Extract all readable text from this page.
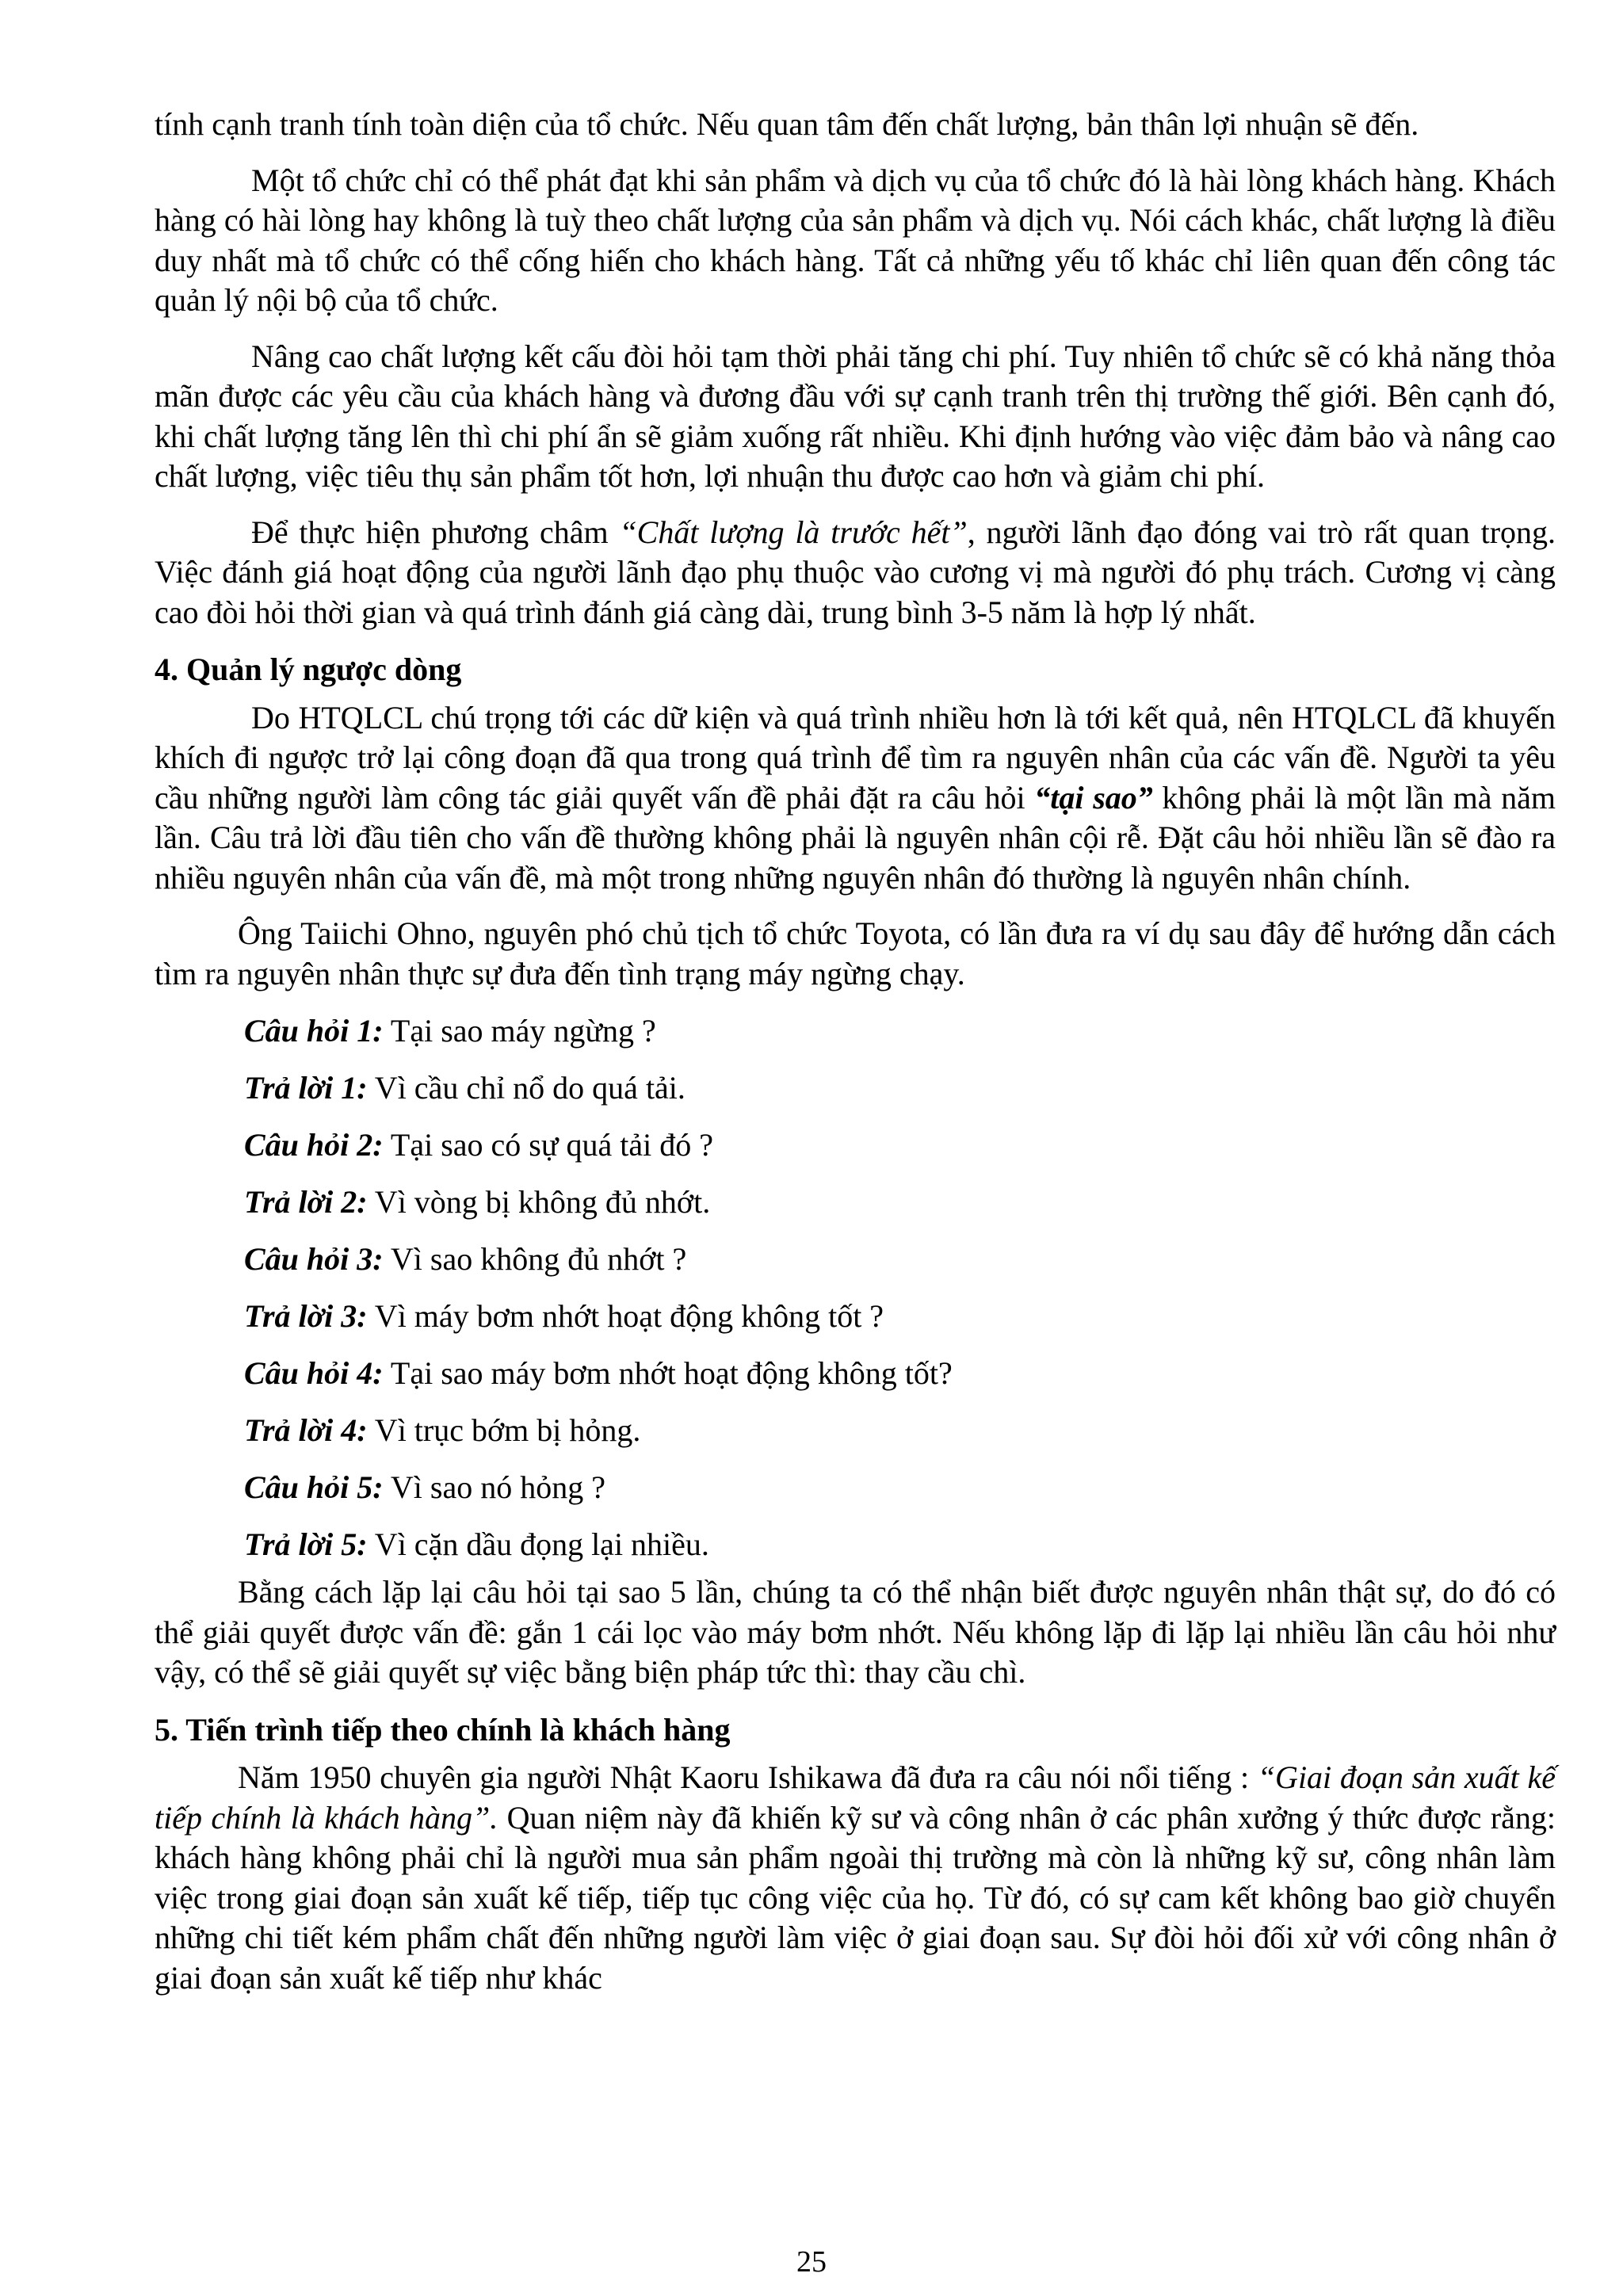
tính cạnh tranh tính toàn diện của tổ chức. Nếu quan tâm đến chất lượng, bản thân lợi nhuận sẽ đến.

Một tổ chức chỉ có thể phát đạt khi sản phẩm và dịch vụ của tổ chức đó là hài lòng khách hàng. Khách hàng có hài lòng hay không là tuỳ theo chất lượng của sản phẩm và dịch vụ. Nói cách khác, chất lượng là điều duy nhất mà tổ chức có thể cống hiến cho khách hàng. Tất cả những yếu tố khác chỉ liên quan đến công tác quản lý nội bộ của tổ chức.

Nâng cao chất lượng kết cấu đòi hỏi tạm thời phải tăng chi phí. Tuy nhiên tổ chức sẽ có khả năng thỏa mãn được các yêu cầu của khách hàng và đương đầu với sự cạnh tranh trên thị trường thế giới. Bên cạnh đó, khi chất lượng tăng lên thì chi phí ẩn sẽ giảm xuống rất nhiều. Khi định hướng vào việc đảm bảo và nâng cao chất lượng, việc tiêu thụ sản phẩm tốt hơn, lợi nhuận thu được cao hơn và giảm chi phí.

Để thực hiện phương châm “Chất lượng là trước hết”, người lãnh đạo đóng vai trò rất quan trọng. Việc đánh giá hoạt động của người lãnh đạo phụ thuộc vào cương vị mà người đó phụ trách. Cương vị càng cao đòi hỏi thời gian và quá trình đánh giá càng dài, trung bình 3-5 năm là hợp lý nhất.

4. Quản lý ngược dòng

Do HTQLCL chú trọng tới các dữ kiện và quá trình nhiều hơn là tới kết quả, nên HTQLCL đã khuyến khích đi ngược trở lại công đoạn đã qua trong quá trình để tìm ra nguyên nhân của các vấn đề. Người ta yêu cầu những người làm công tác giải quyết vấn đề phải đặt ra câu hỏi “tại sao” không phải là một lần mà năm lần. Câu trả lời đầu tiên cho vấn đề thường không phải là nguyên nhân cội rễ. Đặt câu hỏi nhiều lần sẽ đào ra nhiều nguyên nhân của vấn đề, mà một trong những nguyên nhân đó thường là nguyên nhân chính.

Ông Taiichi Ohno, nguyên phó chủ tịch tổ chức Toyota, có lần đưa ra ví dụ sau đây để hướng dẫn cách tìm ra nguyên nhân thực sự đưa đến tình trạng máy ngừng chạy.

Câu hỏi 1: Tại sao máy ngừng ?

Trả lời 1: Vì cầu chỉ nổ do quá tải.

Câu hỏi 2: Tại sao có sự quá tải đó ?

Trả lời 2: Vì vòng bị không đủ nhớt.

Câu hỏi 3: Vì sao không đủ nhớt ?

Trả lời 3: Vì máy bơm nhớt hoạt động không tốt ?

Câu hỏi 4: Tại sao máy bơm nhớt hoạt động không tốt?

Trả lời 4: Vì trục bớm bị hỏng.

Câu hỏi 5: Vì sao nó hỏng ?

Trả lời 5: Vì cặn dầu đọng lại nhiều.

Bằng cách lặp lại câu hỏi tại sao 5 lần, chúng ta có thể nhận biết được nguyên nhân thật sự, do đó có thể giải quyết được vấn đề: gắn 1 cái lọc vào máy bơm nhớt. Nếu không lặp đi lặp lại nhiều lần câu hỏi như vậy, có thể sẽ giải quyết sự việc bằng biện pháp tức thì: thay cầu chì.

5. Tiến trình tiếp theo chính là khách hàng

Năm 1950 chuyên gia người Nhật Kaoru Ishikawa đã đưa ra câu nói nổi tiếng : “Giai đoạn sản xuất kế tiếp chính là khách hàng”. Quan niệm này đã khiến kỹ sư và công nhân ở các phân xưởng ý thức được rằng: khách hàng không phải chỉ là người mua sản phẩm ngoài thị trường mà còn là những kỹ sư, công nhân làm việc trong giai đoạn sản xuất kế tiếp, tiếp tục công việc của họ. Từ đó, có sự cam kết không bao giờ chuyển những chi tiết kém phẩm chất đến những người làm việc ở giai đoạn sau. Sự đòi hỏi đối xử với công nhân ở giai đoạn sản xuất kế tiếp như khác

25
